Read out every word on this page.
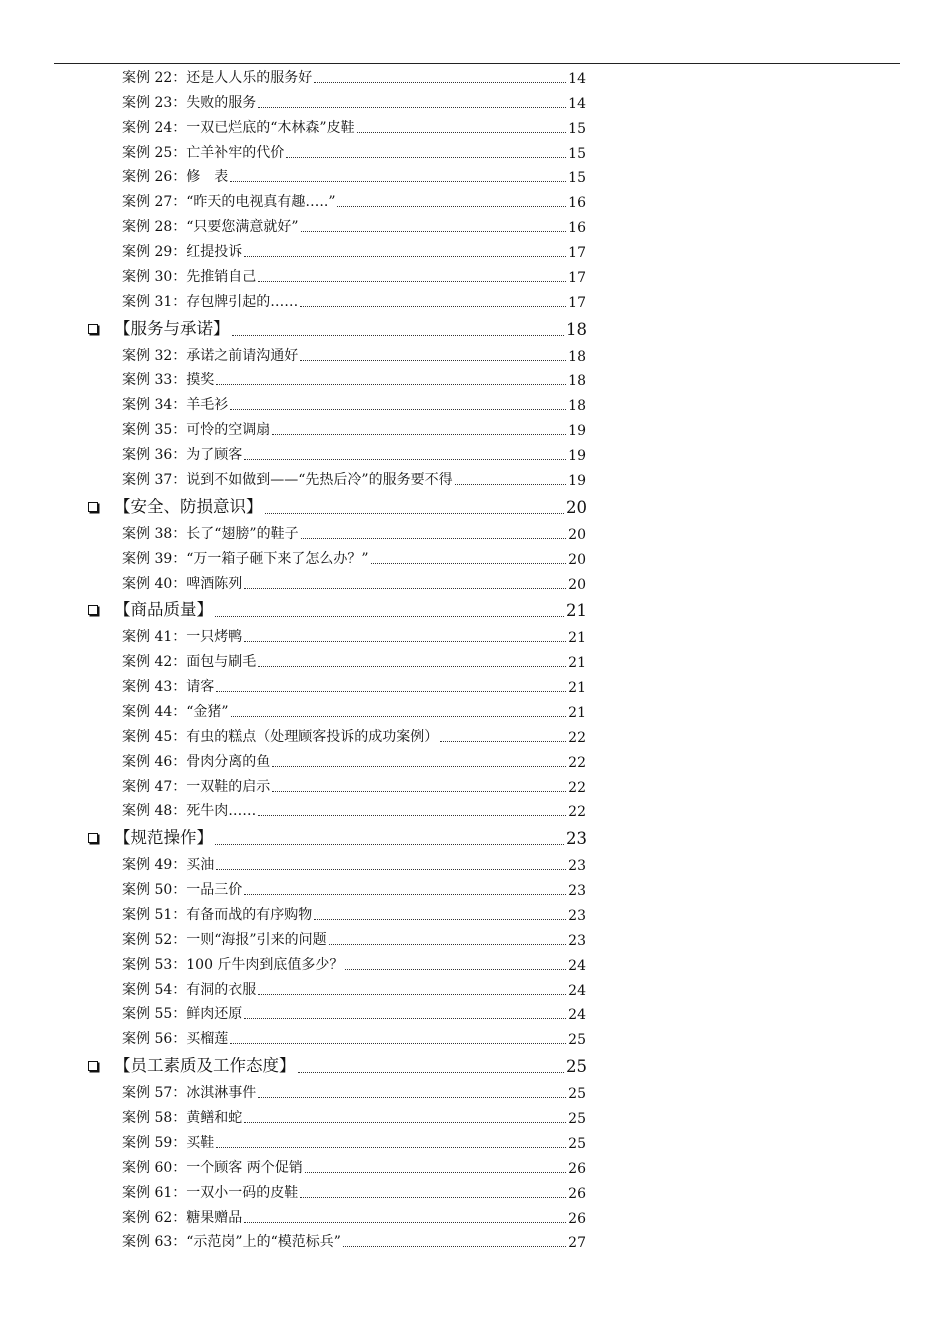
案例 22：还是人人乐的服务好	14
案例 23：失败的服务	14
案例 24：一双已烂底的“木林森”皮鞋	15
案例 25：亡羊补牢的代价	15
案例 26：修　表	15
案例 27：“昨天的电视真有趣…..”	16
案例 28：“只要您满意就好”	16
案例 29：红提投诉	17
案例 30：先推销自己	17
案例 31：存包牌引起的……	17
【服务与承诺】	18
案例 32：承诺之前请沟通好	18
案例 33：摸奖	18
案例 34：羊毛衫	18
案例 35：可怜的空调扇	19
案例 36：为了顾客	19
案例 37：说到不如做到——“先热后冷”的服务要不得	19
【安全、防损意识】	20
案例 38：长了“翅膀”的鞋子	20
案例 39：“万一箱子砸下来了怎么办？”	20
案例 40：啤酒陈列	20
【商品质量】	21
案例 41：一只烤鸭	21
案例 42：面包与刷毛	21
案例 43：请客	21
案例 44：“金猪”	21
案例 45：有虫的糕点（处理顾客投诉的成功案例）	22
案例 46：骨肉分离的鱼	22
案例 47：一双鞋的启示	22
案例 48：死牛肉……	22
【规范操作】	23
案例 49：买油	23
案例 50：一品三价	23
案例 51：有备而战的有序购物	23
案例 52：一则“海报”引来的问题	23
案例 53：100 斤牛肉到底值多少？	24
案例 54：有洞的衣服	24
案例 55：鲜肉还原	24
案例 56：买榴莲	25
【员工素质及工作态度】	25
案例 57：冰淇淋事件	25
案例 58：黄鳝和蛇	25
案例 59：买鞋	25
案例 60：一个顾客 两个促销	26
案例 61：一双小一码的皮鞋	26
案例 62：糖果赠品	26
案例 63：“示范岗”上的“模范标兵”	27
